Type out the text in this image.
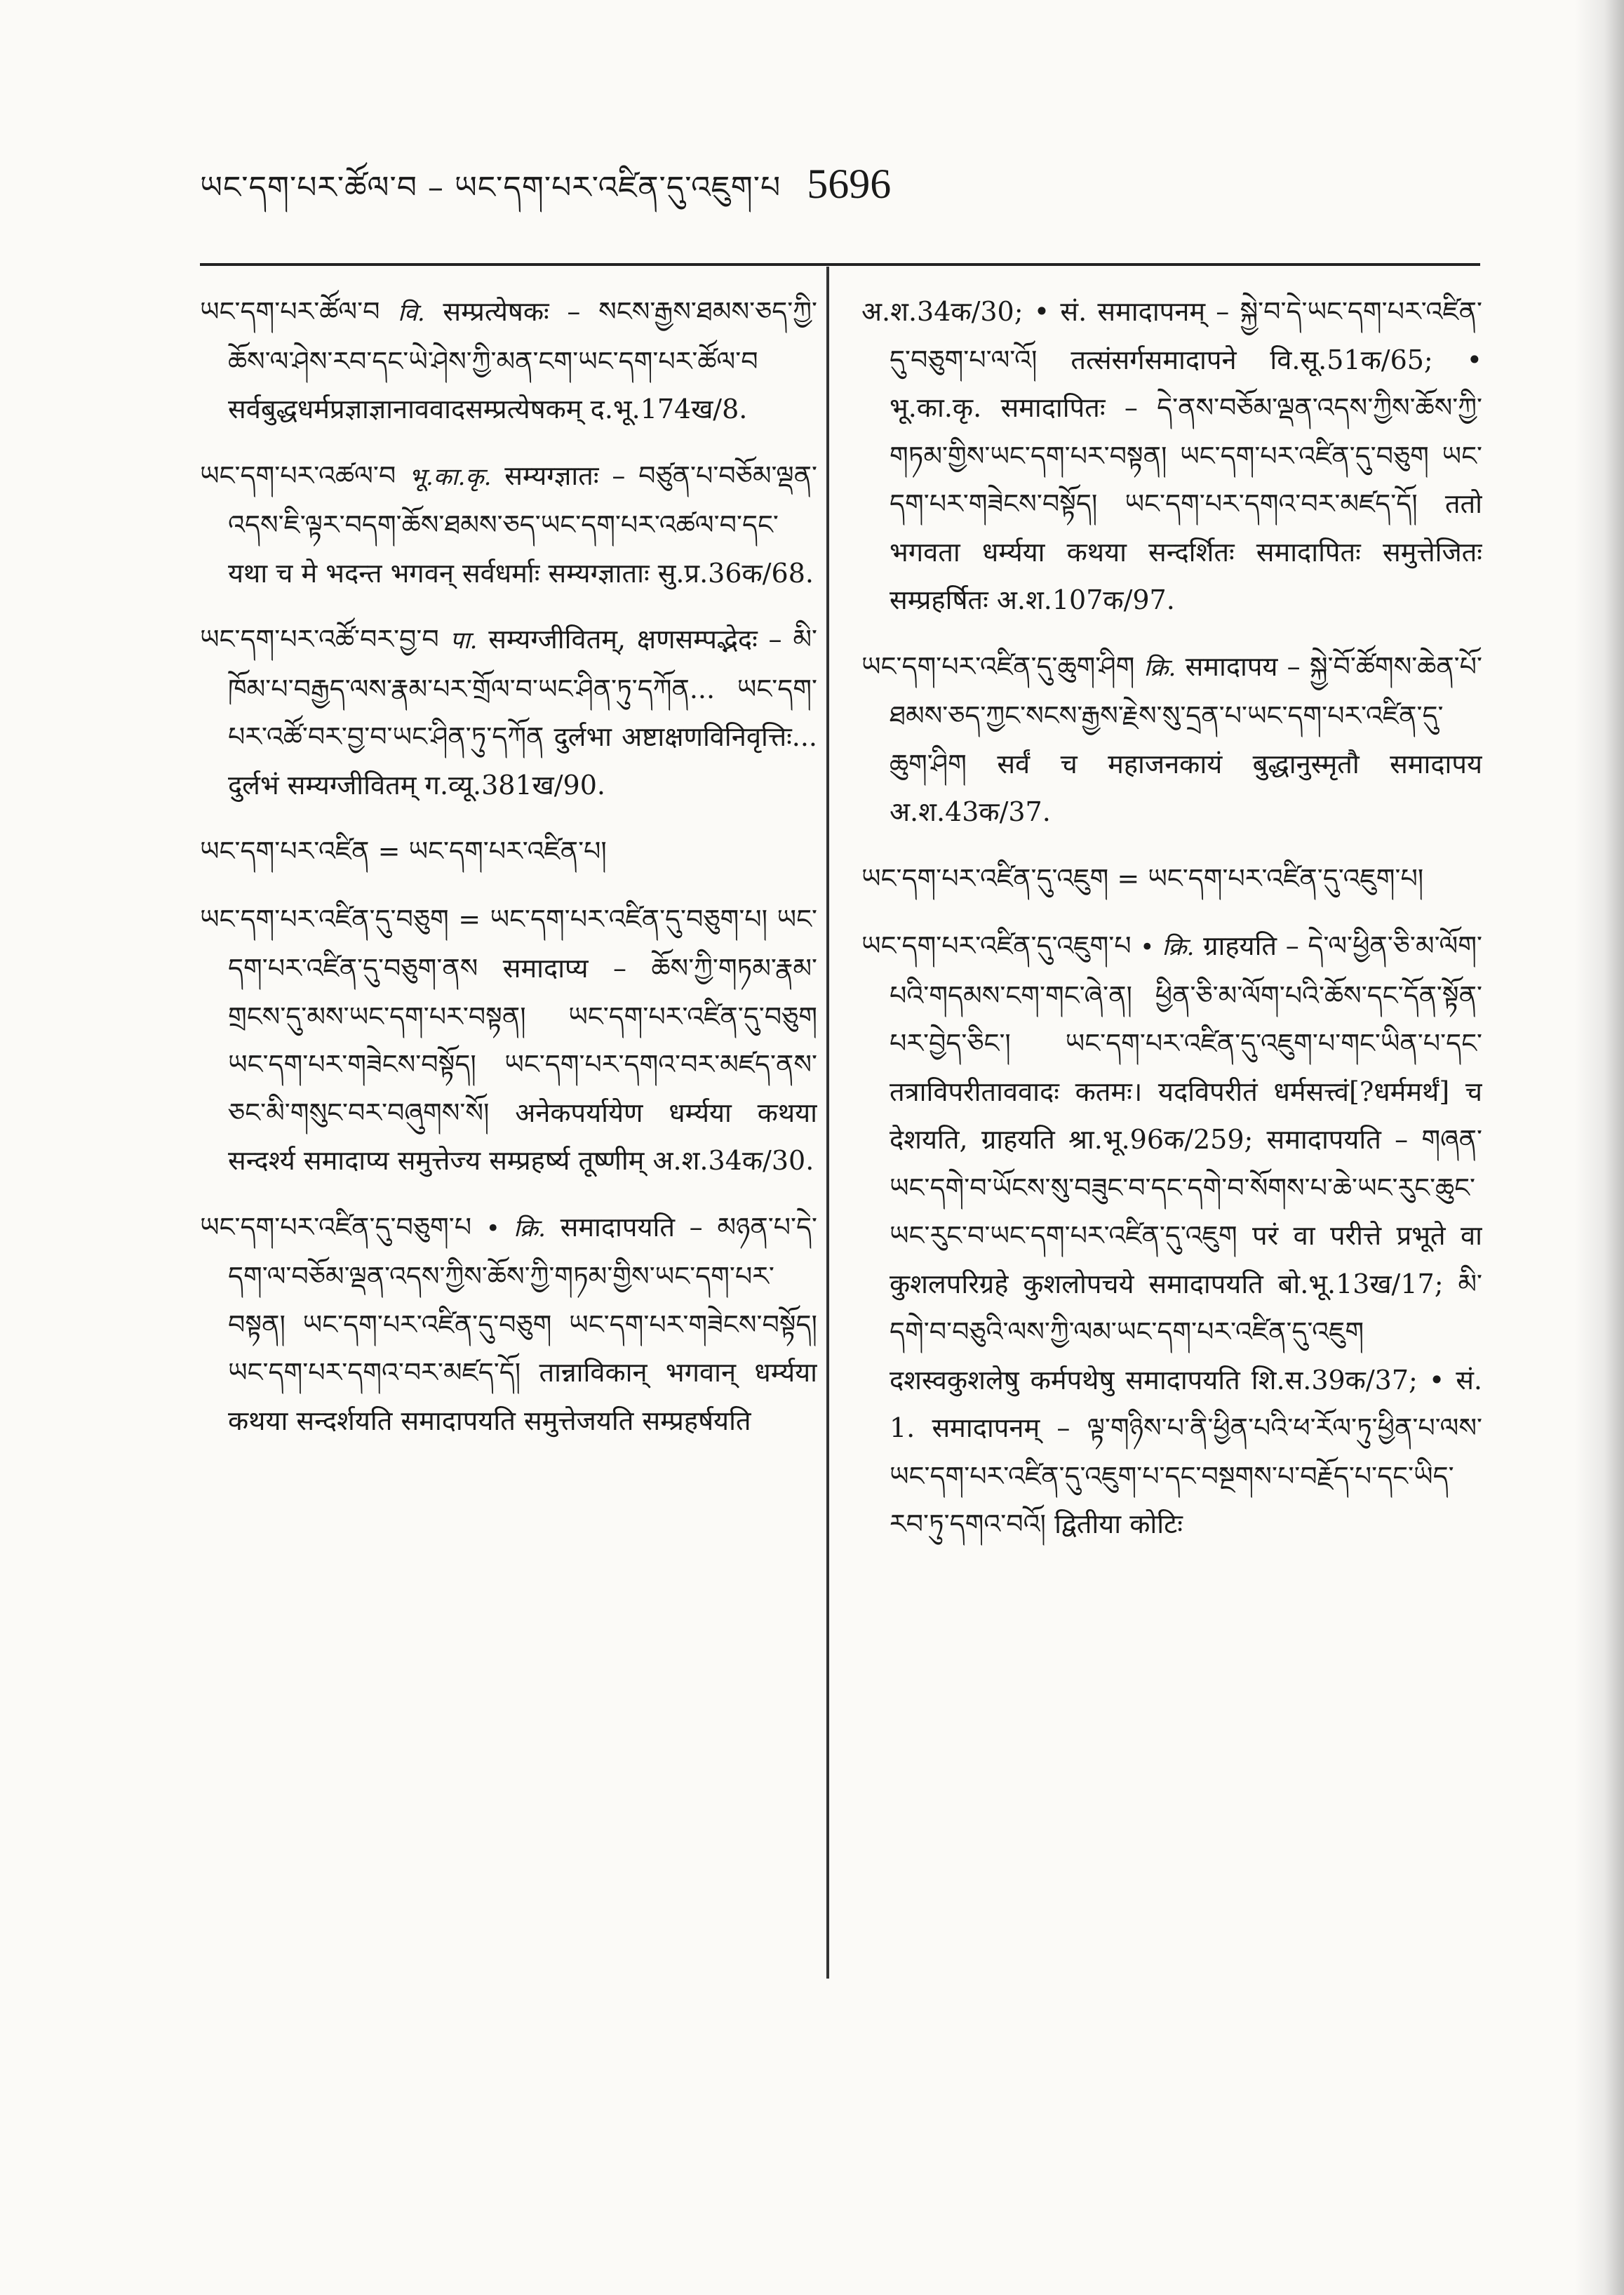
ཡང་དག་པར་ཚོལ་བ – ཡང་དག་པར་འཛིན་དུ་འཇུག་པ 5696

ཡང་དག་པར་ཚོལ་བ वि. सम्प्रत्येषकः – སངས་རྒྱས་ཐམས་ཅད་ཀྱི་ཆོས་ལ་ཤེས་རབ་དང་ཡེ་ཤེས་ཀྱི་མན་ངག་ཡང་དག་པར་ཚོལ་བ सर्वबुद्धधर्मप्रज्ञाज्ञानाववादसम्प्रत्येषकम् द.भू.174ख/8.

ཡང་དག་པར་འཚལ་བ भू.का.कृ. सम्यग्ज्ञातः – བཙུན་པ་བཅོམ་ལྡན་འདས་ཇི་ལྟར་བདག་ཆོས་ཐམས་ཅད་ཡང་དག་པར་འཚལ་བ་དང་ यथा च मे भदन्त भगवन् सर्वधर्माः सम्यग्ज्ञाताः सु.प्र.36क/68.

ཡང་དག་པར་འཚོ་བར་བྱ་བ पा. सम्यग्जीवितम्, क्षणसम्पद्भेदः – མི་ཁོམ་པ་བརྒྱད་ལས་རྣམ་པར་གྲོལ་བ་ཡང་ཤིན་ཏུ་དཀོན... ཡང་དག་པར་འཚོ་བར་བྱ་བ་ཡང་ཤིན་ཏུ་དཀོན दुर्लभा अष्टाक्षणविनिवृत्तिः... दुर्लभं सम्यग्जीवितम् ग.व्यू.381ख/90.

ཡང་དག་པར་འཛིན = ཡང་དག་པར་འཛིན་པ།

ཡང་དག་པར་འཛིན་དུ་བཅུག = ཡང་དག་པར་འཛིན་དུ་བཅུག་པ། ཡང་དག་པར་འཛིན་དུ་བཅུག་ནས समादाप्य – ཆོས་ཀྱི་གཏམ་རྣམ་གྲངས་དུ་མས་ཡང་དག་པར་བསྟན། ཡང་དག་པར་འཛིན་དུ་བཅུག ཡང་དག་པར་གཟེངས་བསྟོད། ཡང་དག་པར་དགའ་བར་མཛད་ནས་ཅང་མི་གསུང་བར་བཞུགས་སོ། अनेकपर्यायेण धर्म्यया कथया सन्दर्श्य समादाप्य समुत्तेज्य सम्प्रहर्ष्य तूष्णीम् अ.श.34क/30.

ཡང་དག་པར་འཛིན་དུ་བཅུག་པ • क्रि. समादापयति – མཉན་པ་དེ་དག་ལ་བཅོམ་ལྡན་འདས་ཀྱིས་ཆོས་ཀྱི་གཏམ་གྱིས་ཡང་དག་པར་བསྟན། ཡང་དག་པར་འཛིན་དུ་བཅུག ཡང་དག་པར་གཟེངས་བསྟོད། ཡང་དག་པར་དགའ་བར་མཛད་དོ། तान्नाविकान् भगवान् धर्म्यया कथया सन्दर्शयति समादापयति समुत्तेजयति सम्प्रहर्षयति

अ.श.34क/30; • सं. समादापनम् – སྐྱེ་བ་དེ་ཡང་དག་པར་འཛིན་དུ་བཅུག་པ་ལ་འོ། तत्संसर्गसमादापने वि.सू.51क/65; • भू.का.कृ. समादापितः – དེ་ནས་བཅོམ་ལྡན་འདས་ཀྱིས་ཆོས་ཀྱི་གཏམ་གྱིས་ཡང་དག་པར་བསྟན། ཡང་དག་པར་འཛིན་དུ་བཅུག ཡང་དག་པར་གཟེངས་བསྟོད། ཡང་དག་པར་དགའ་བར་མཛད་དོ། ततो भगवता धर्म्यया कथया सन्दर्शितः समादापितः समुत्तेजितः सम्प्रहर्षितः अ.श.107क/97.

ཡང་དག་པར་འཛིན་དུ་ཆུག་ཤིག क्रि. समादापय – སྐྱེ་བོ་ཚོགས་ཆེན་པོ་ཐམས་ཅད་ཀྱང་སངས་རྒྱས་རྗེས་སུ་དྲན་པ་ཡང་དག་པར་འཛིན་དུ་ཆུག་ཤིག सर्वं च महाजनकायं बुद्धानुस्मृतौ समादापय अ.श.43क/37.

ཡང་དག་པར་འཛིན་དུ་འཇུག = ཡང་དག་པར་འཛིན་དུ་འཇུག་པ།

ཡང་དག་པར་འཛིན་དུ་འཇུག་པ • क्रि. ग्राहयति – དེ་ལ་ཕྱིན་ཅི་མ་ལོག་པའི་གདམས་ངག་གང་ཞེ་ན། ཕྱིན་ཅི་མ་ལོག་པའི་ཆོས་དང་དོན་སྟོན་པར་བྱེད་ཅིང་། ཡང་དག་པར་འཛིན་དུ་འཇུག་པ་གང་ཡིན་པ་དང་ तत्राविपरीताववादः कतमः। यदविपरीतं धर्मसत्त्वं[?धर्ममर्थं] च देशयति, ग्राहयति श्रा.भू.96क/259; समादापयति – གཞན་ཡང་དགེ་བ་ཡོངས་སུ་བཟུང་བ་དང་དགེ་བ་སོགས་པ་ཆེ་ཡང་རུང་ཆུང་ཡང་རུང་བ་ཡང་དག་པར་འཛིན་དུ་འཇུག परं वा परीत्ते प्रभूते वा कुशलपरिग्रहे कुशलोपचये समादापयति बो.भू.13ख/17; མི་དགེ་བ་བཅུའི་ལས་ཀྱི་ལམ་ཡང་དག་པར་འཛིན་དུ་འཇུག दशस्वकुशलेषु कर्मपथेषु समादापयति शि.स.39क/37; • सं. 1. समादापनम् – ལྟ་གཉིས་པ་ནི་ཕྱིན་པའི་ཕ་རོལ་ཏུ་ཕྱིན་པ་ལས་ཡང་དག་པར་འཛིན་དུ་འཇུག་པ་དང་བསྔགས་པ་བརྗོད་པ་དང་ཡིད་རབ་ཏུ་དགའ་བའོ། द्वितीया कोटिः
